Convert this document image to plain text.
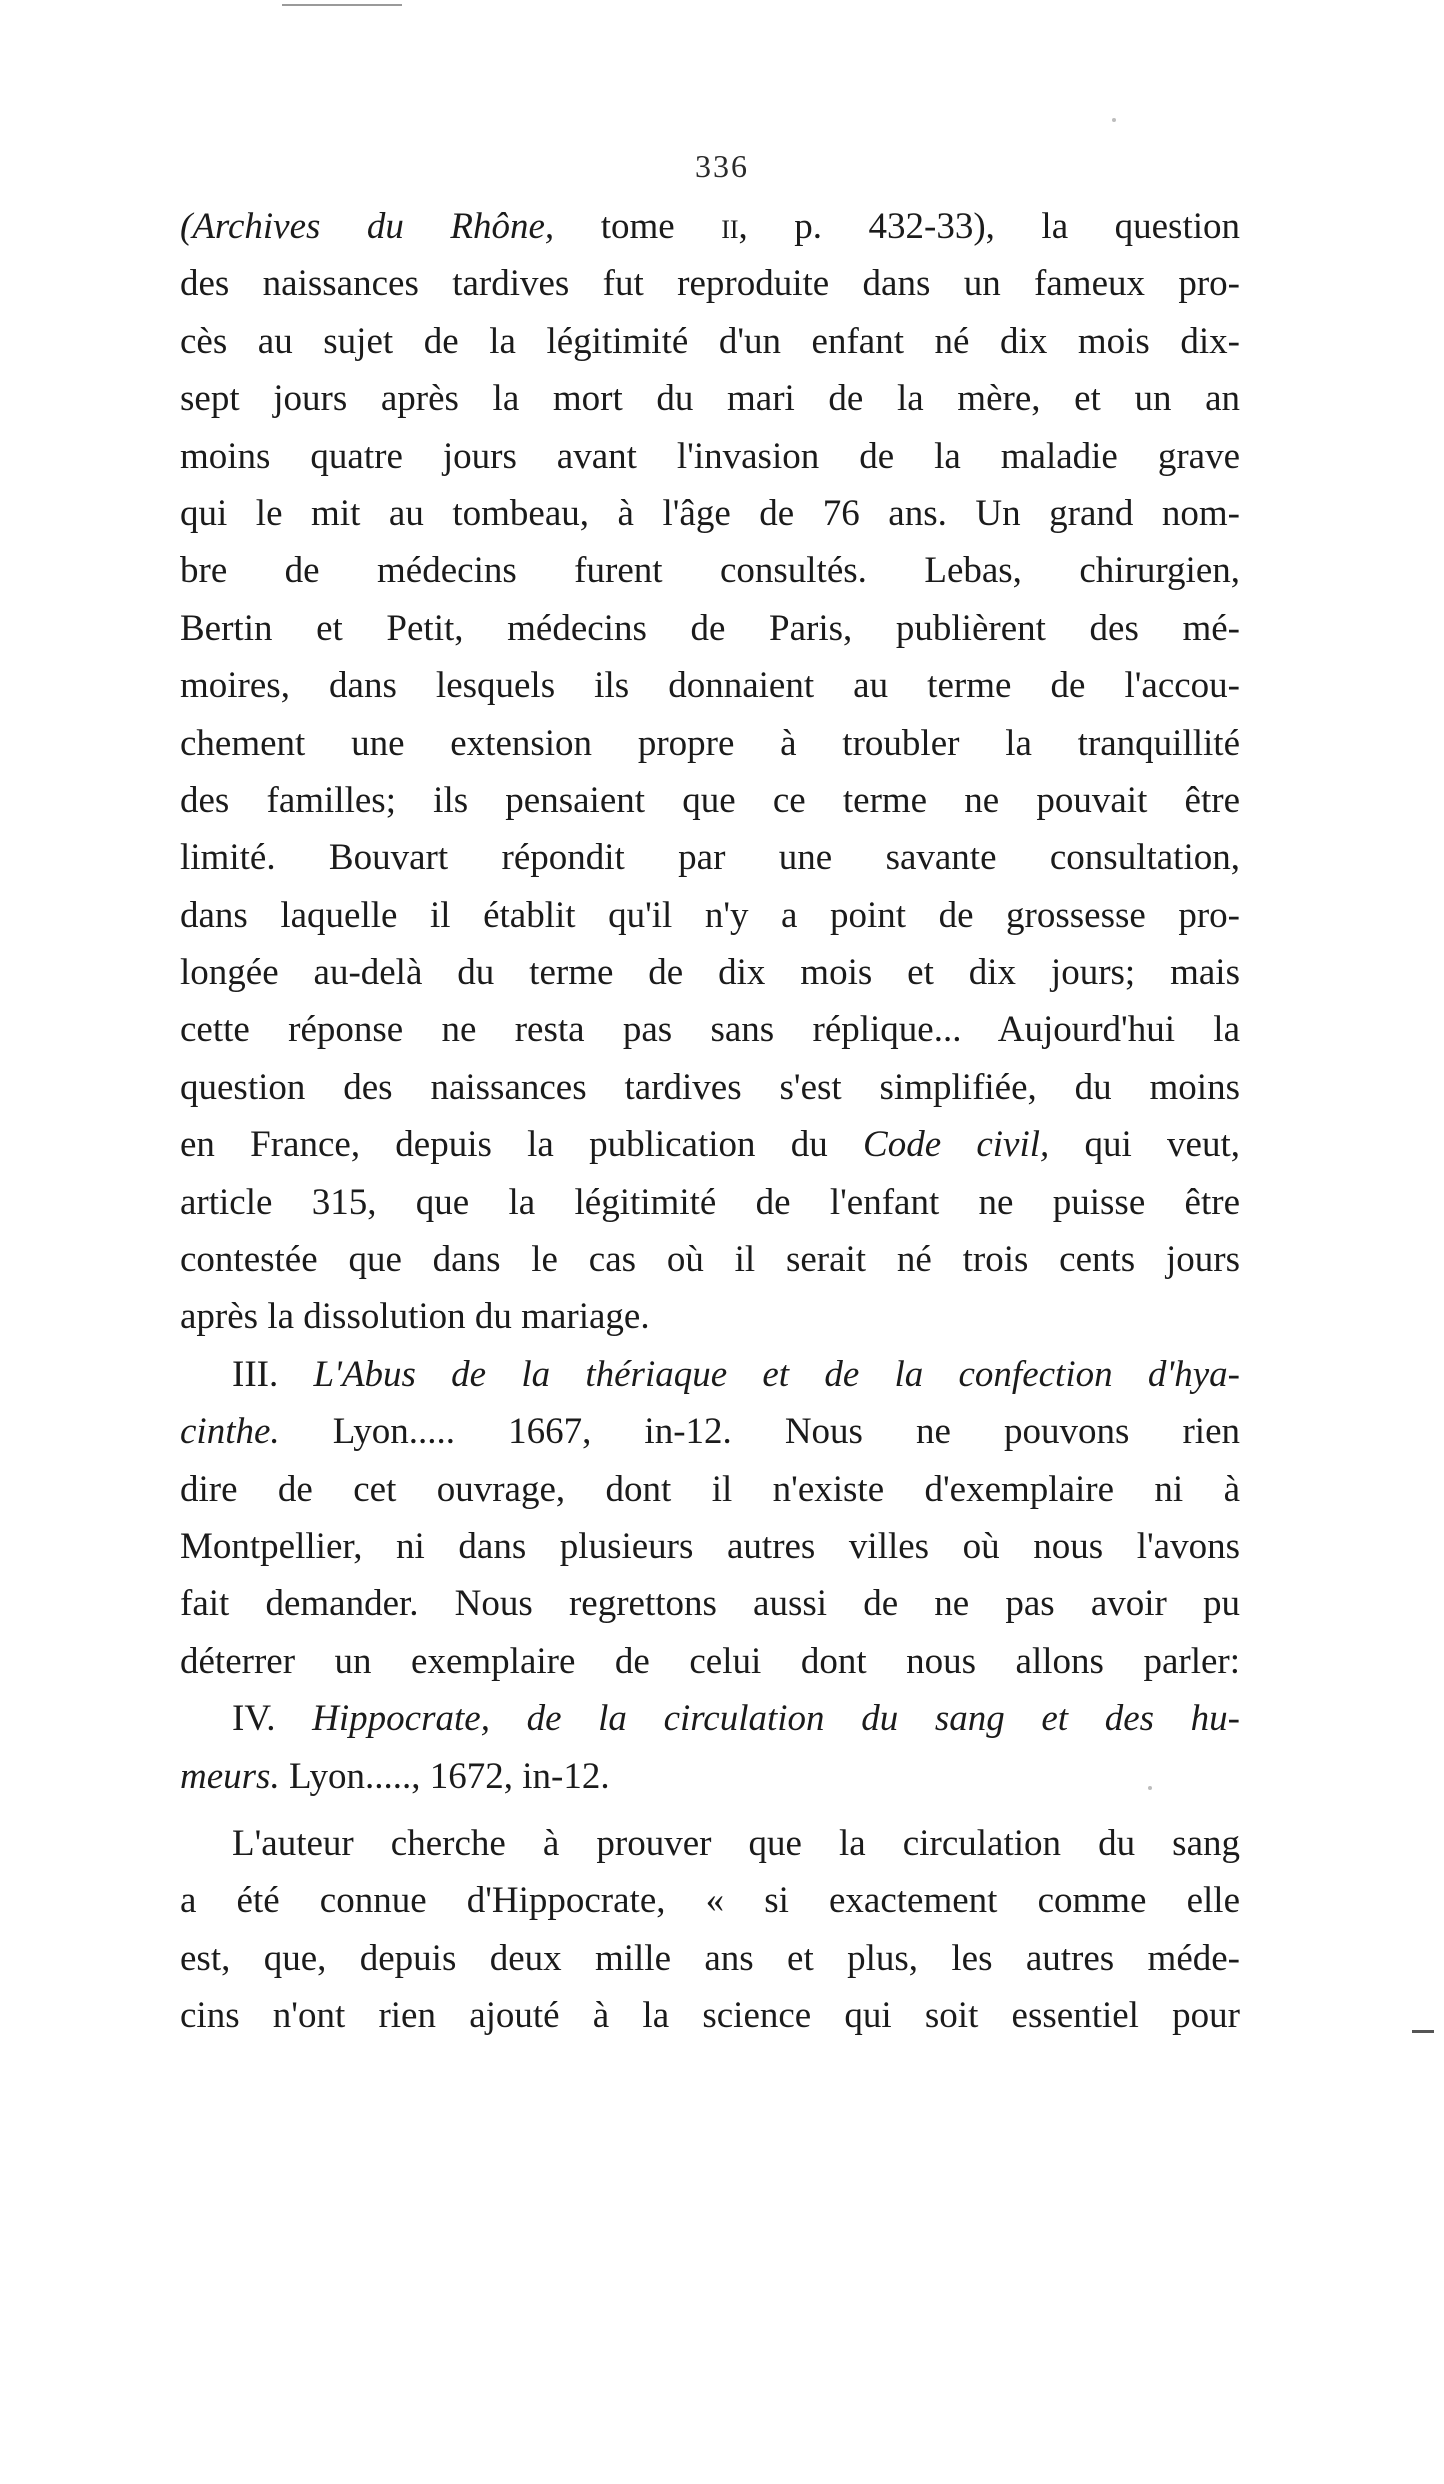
336
(Archives du Rhône, tome ii, p. 432-33), la question
des naissances tardives fut reproduite dans un fameux pro-
cès au sujet de la légitimité d'un enfant né dix mois dix-
sept jours après la mort du mari de la mère, et un an
moins quatre jours avant l'invasion de la maladie grave
qui le mit au tombeau, à l'âge de 76 ans. Un grand nom-
bre de médecins furent consultés. Lebas, chirurgien,
Bertin et Petit, médecins de Paris, publièrent des mé-
moires, dans lesquels ils donnaient au terme de l'accou-
chement une extension propre à troubler la tranquillité
des familles; ils pensaient que ce terme ne pouvait être
limité. Bouvart répondit par une savante consultation,
dans laquelle il établit qu'il n'y a point de grossesse pro-
longée au-delà du terme de dix mois et dix jours; mais
cette réponse ne resta pas sans réplique... Aujourd'hui la
question des naissances tardives s'est simplifiée, du moins
en France, depuis la publication du Code civil, qui veut,
article 315, que la légitimité de l'enfant ne puisse être
contestée que dans le cas où il serait né trois cents jours
après la dissolution du mariage.
III. L'Abus de la thériaque et de la confection d'hya-
cinthe. Lyon..... 1667, in-12. Nous ne pouvons rien
dire de cet ouvrage, dont il n'existe d'exemplaire ni à
Montpellier, ni dans plusieurs autres villes où nous l'avons
fait demander. Nous regrettons aussi de ne pas avoir pu
déterrer un exemplaire de celui dont nous allons parler:
IV. Hippocrate, de la circulation du sang et des hu-
meurs. Lyon....., 1672, in-12.
L'auteur cherche à prouver que la circulation du sang
a été connue d'Hippocrate, « si exactement comme elle
est, que, depuis deux mille ans et plus, les autres méde-
cins n'ont rien ajouté à la science qui soit essentiel pour
